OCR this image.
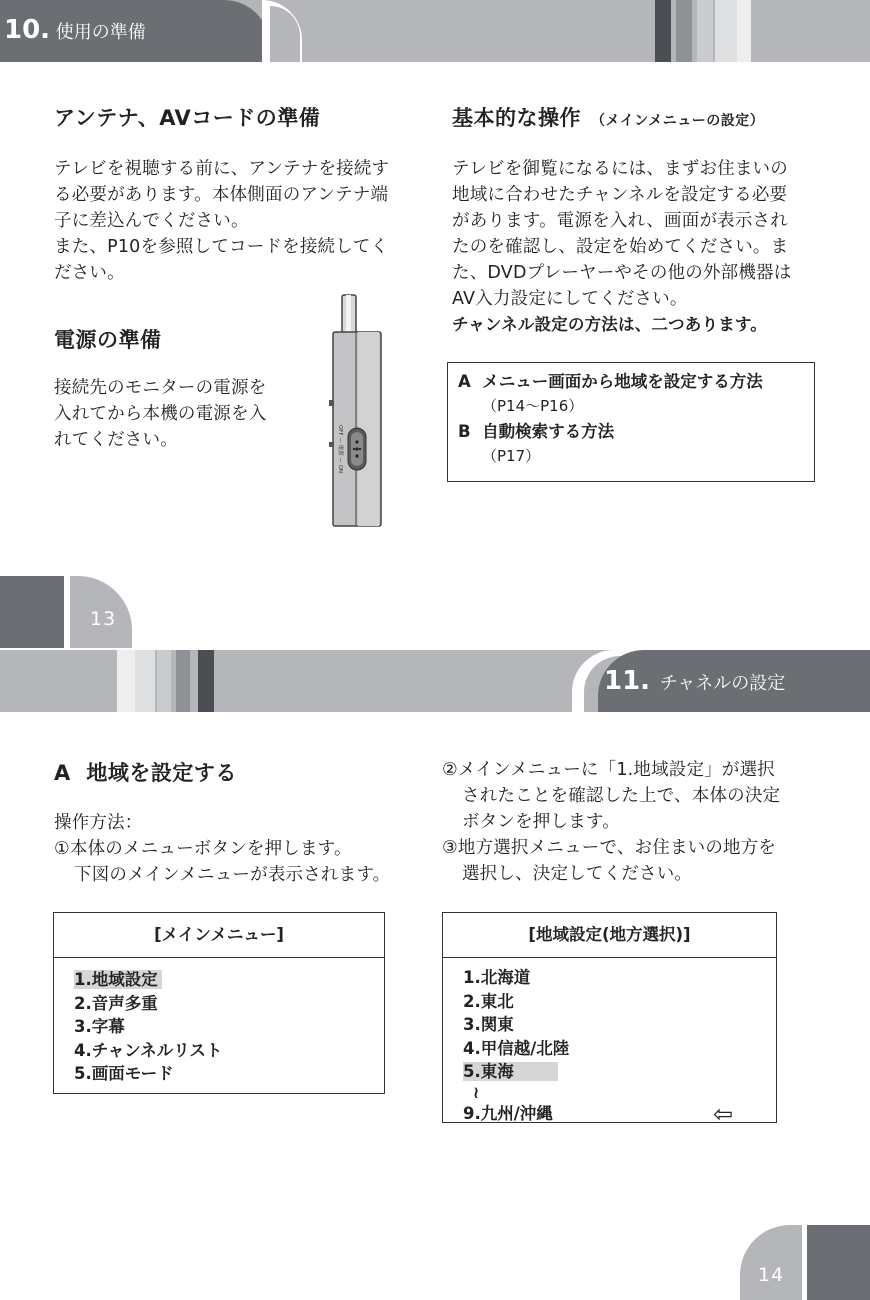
10. 使用の準備
アンテナ、AVコードの準備
テレビを視聴する前に、アンテナを接続す
る必要があります。本体側面のアンテナ端
子に差込んでください。
また、P10を参照してコードを接続してく
ださい。
電源の準備
接続先のモニターの電源を
入れてから本機の電源を入
れてください。	OFF — 電源 — ON
基本的な操作 （メインメニューの設定）
テレビを御覧になるには、まずお住まいの
地域に合わせたチャンネルを設定する必要
があります。電源を入れ、画面が表示され
たのを確認し、設定を始めてください。ま
た、DVDプレーヤーやその他の外部機器は
AV入力設定にしてください。
チャンネル設定の方法は、二つあります。
A メニュー画面から地域を設定する方法
（P14〜P16）
B 自動検索する方法
（P17）
13
11. チャネルの設定
A  地域を設定する
操作方法：
①本体のメニューボタンを押します。
下図のメインメニューが表示されます。
②メインメニューに「1.地域設定」が選択
されたことを確認した上で、本体の決定
ボタンを押します。
③地方選択メニューで、お住まいの地方を
選択し、決定してください。
[メインメニュー]
1.地域設定
2.音声多重
3.字幕
4.チャンネルリスト
5.画面モード
[地域設定(地方選択)]
1.北海道
2.東北
3.関東
4.甲信越/北陸
5.東海
≀
9.九州/沖縄	⇦
14
